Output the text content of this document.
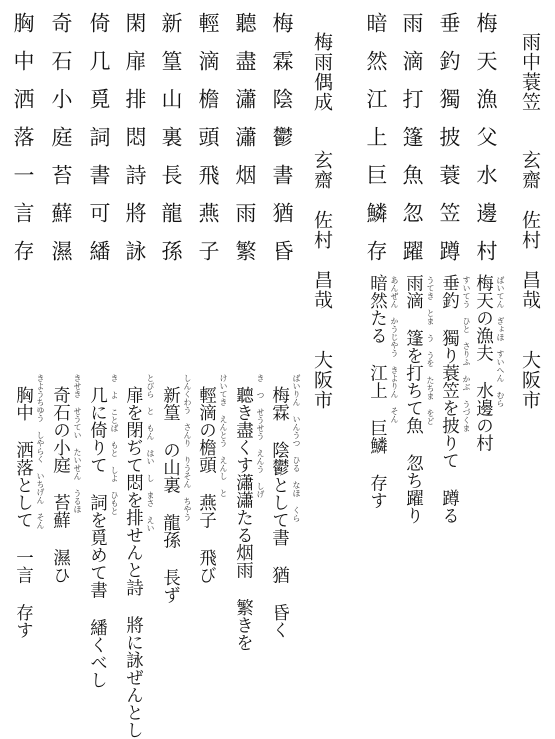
胸中洒落一言存 奇石小庭苔蘚濕 倚几覓詞書可繙 閑扉排悶詩將詠 新篁山裏長龍孫 輕滴檐頭飛燕子 聽盡瀟瀟烟雨繁 梅霖陰鬱書猶昏 梅雨偶成
玄齋　佐村　昌哉　　大阪市
暗然江上巨鱗存 雨滴打篷魚忽躍 垂釣獨披蓑笠蹲 梅天漁父水邊村 雨中蓑笠
玄齋　佐村　昌哉　　大阪市
梅天の漁夫 水邊の村
垂釣 獨り蓑笠を披りて 蹲る
雨滴 篷を打ちて魚 忽ち躍り
暗然たる 江上 巨鱗 存す	ばいてん ぎょほ すいへん むら
すいてう ひと さりふ かぶ うづくま
うてき とま う うを たちま をど
あんぜん かうじやう きよりん そん
梅霖 陰鬱として書 猶 昏く
聽き盡くす瀟瀟たる烟雨 繁きを
輕滴の檐頭 燕子 飛び
新篁 の山裏 龍孫 長ず
扉を閉ぢて悶を排せんと詩 將に詠ぜんとし
几に倚りて 詞を覓めて書 繙くべし
奇石の小庭 苔蘚 濕ひ
胸中 洒落として 一言 存す	ばいりん いんうつ ひる なほ くら
き つ せうせう えんう しげ
けいてき えんとう えんし と
しんくわう さんり りうそん ちやう
とびら と もん はい し まさ えい
き よ ことば もと しよ ひもと
きせき せうてい たいせん うるほ
きようちゆう しやらく いちげん そん
